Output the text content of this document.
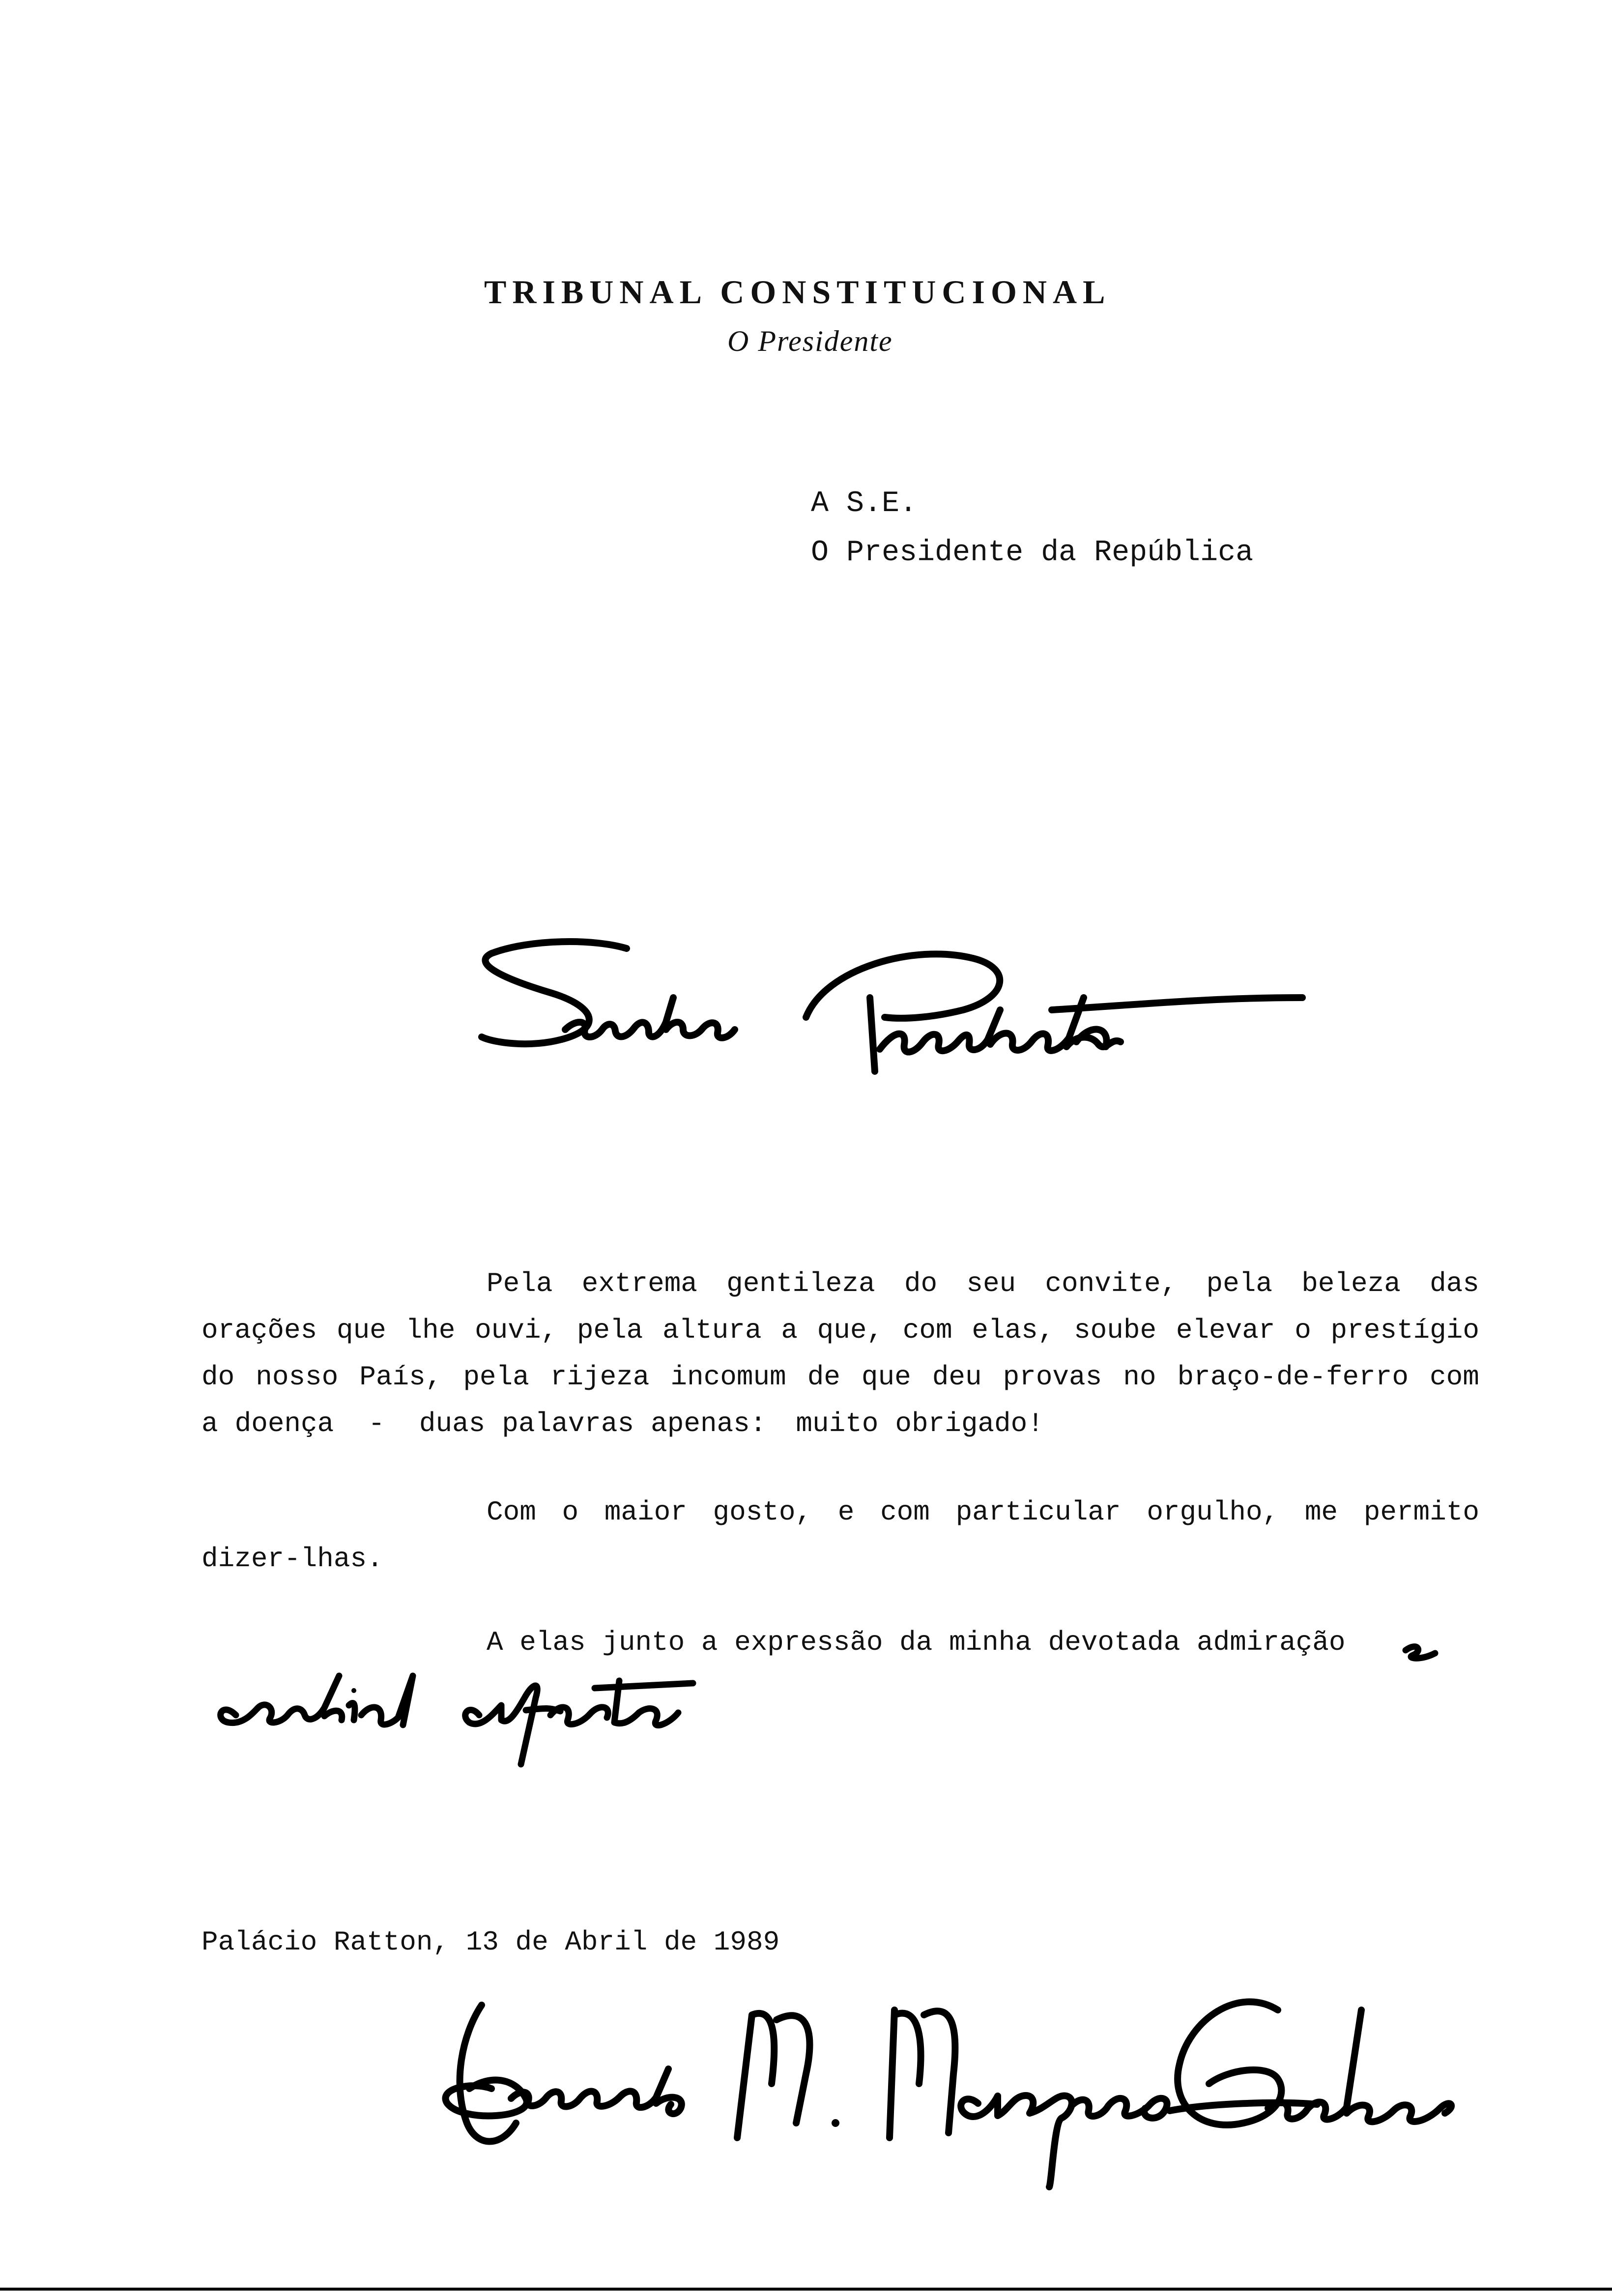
TRIBUNAL CONSTITUCIONAL
O Presidente
A S.E.
O Presidente da República
Pela extrema gentileza do seu convite, pela beleza das
orações que lhe ouvi, pela altura a que, com elas, soube elevar o prestígio
do nosso País, pela rijeza incomum de que deu provas no braço-de-ferro com
a doença - duas palavras apenas: muito obrigado!
Com o maior gosto, e com particular orgulho, me permito
dizer-lhas.
A elas junto a expressão da minha devotada admiração
Palácio Ratton, 13 de Abril de 1989
